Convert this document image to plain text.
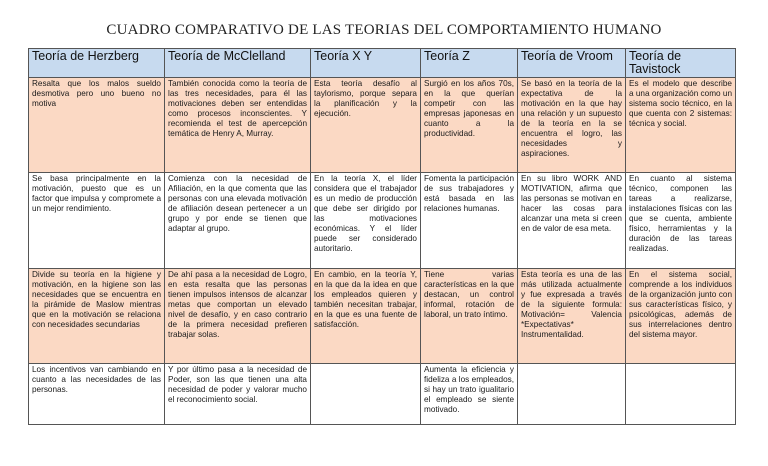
CUADRO COMPARATIVO DE LAS TEORIAS DEL COMPORTAMIENTO HUMANO
Teoría de Herzberg	Teoría de McClelland	Teoría X Y	Teoría Z	Teoría de Vroom	Teoría de Tavistock
Resalta que los malos sueldo desmotiva pero uno bueno no motiva	También conocida como la teoría de las tres necesidades, para él las motivaciones deben ser entendidas como procesos inconscientes. Y recomienda el test de apercepción temática de Henry A, Murray.	Esta teoría desafío al taylorismo, porque separa la planificación y la ejecución.	Surgió en los años 70s, en la que querían competir con las empresas japonesas en cuanto a la productividad.	Se basó en la teoría de la expectativa de la motivación en la que hay una relación y un supuesto de la teoría en la se encuentra el logro, las necesidades y aspiraciones.	Es el modelo que describe a una organización como un sistema socio técnico, en la que cuenta con 2 sistemas: técnica y social.
Se basa principalmente en la motivación, puesto que es un factor que impulsa y compromete a un mejor rendimiento.	Comienza con la necesidad de Afiliación, en la que comenta que las personas con una elevada motivación de afiliación desean pertenecer a un grupo y por ende se tienen que adaptar al grupo.	En la teoría X, el líder considera que el trabajador es un medio de producción que debe ser dirigido por las motivaciones económicas. Y el líder puede ser considerado autoritario.	Fomenta la participación de sus trabajadores y está basada en las relaciones humanas.	En su libro WORK AND MOTIVATION, afirma que las personas se motivan en hacer las cosas para alcanzar una meta si creen en de valor de esa meta.	En cuanto al sistema técnico, componen las tareas a realizarse, instalaciones físicas con las que se cuenta, ambiente físico, herramientas y la duración de las tareas realizadas.
Divide su teoría en la higiene y motivación, en la higiene son las necesidades que se encuentra en la pirámide de Maslow mientras que en la motivación se relaciona con necesidades secundarias	De ahí pasa a la necesidad de Logro, en esta resalta que las personas tienen impulsos intensos de alcanzar metas que comportan un elevado nivel de desafío, y en caso contrario de la primera necesidad prefieren trabajar solas.	En cambio, en la teoría Y, en la que da la idea en que los empleados quieren y también necesitan trabajar, en la que es una fuente de satisfacción.	Tiene varias características en la que destacan, un control informal, rotación de laboral, un trato íntimo.	Esta teoría es una de las más utilizada actualmente y fue expresada a través de la siguiente formula: Motivación= Valencia *Expectativas* Instrumentalidad.	En el sistema social, comprende a los individuos de la organización junto con sus características físico, y psicológicas, además de sus interrelaciones dentro del sistema mayor.
Los incentivos van cambiando en cuanto a las necesidades de las personas.	Y por último pasa a la necesidad de Poder, son las que tienen una alta necesidad de poder y valorar mucho el reconocimiento social.		Aumenta la eficiencia y fideliza a los empleados, si hay un trato igualitario el empleado se siente motivado.		
